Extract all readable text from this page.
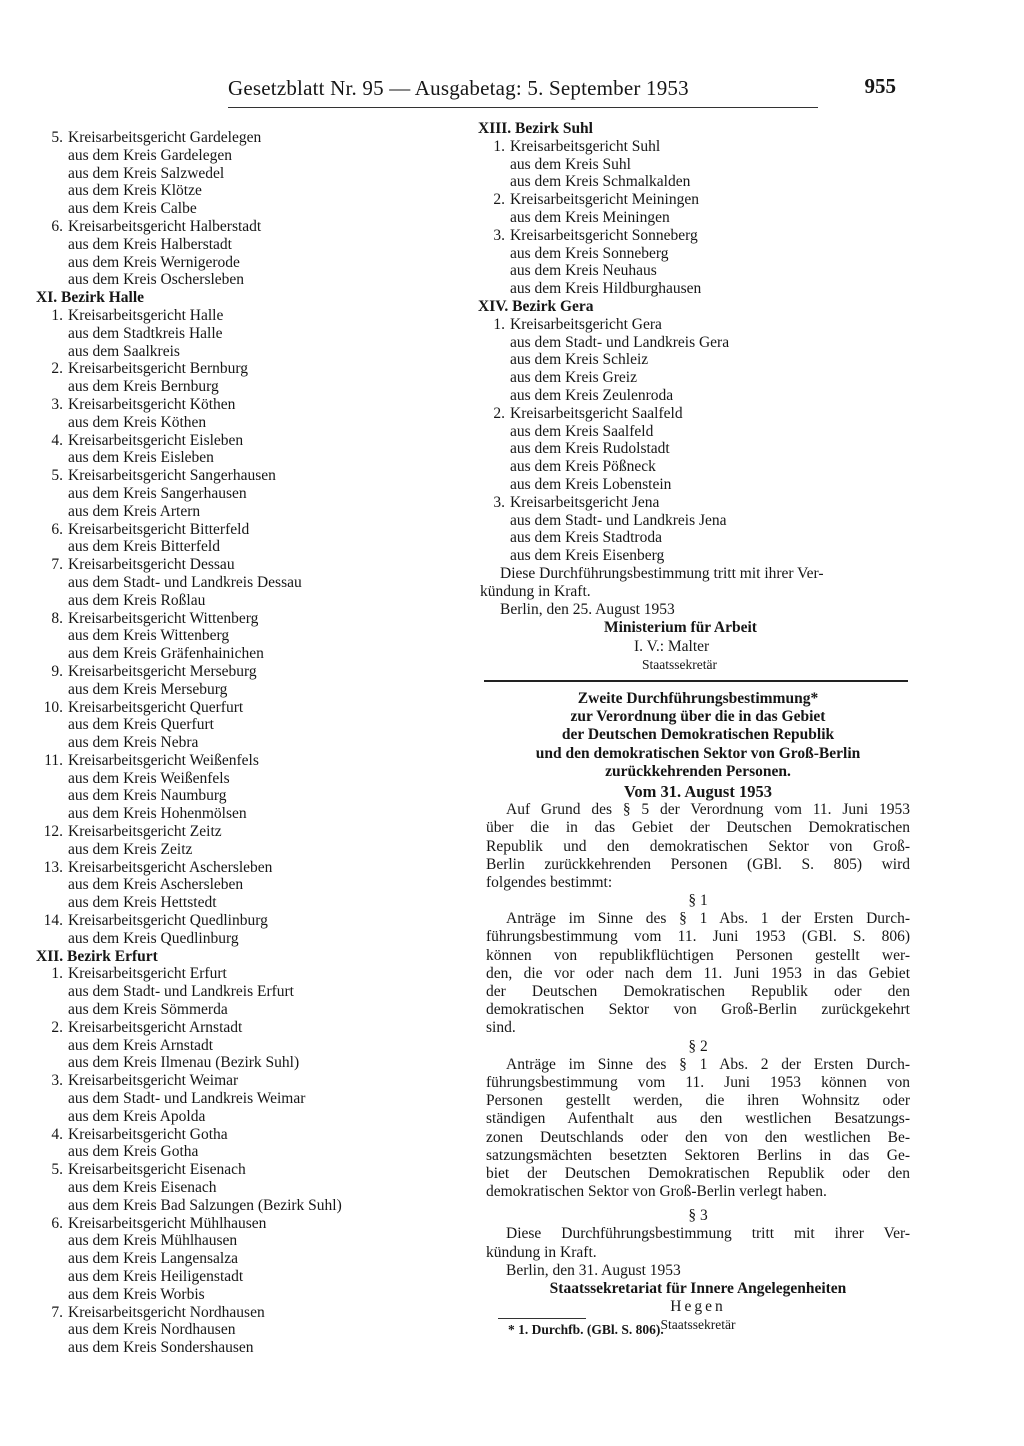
Gesetzblatt Nr. 95 — Ausgabetag: 5. September 1953	955
5. Kreisarbeitsgericht Gardelegen
aus dem Kreis Gardelegen
aus dem Kreis Salzwedel
aus dem Kreis Klötze
aus dem Kreis Calbe
6. Kreisarbeitsgericht Halberstadt
aus dem Kreis Halberstadt
aus dem Kreis Wernigerode
aus dem Kreis Oschersleben
XI. Bezirk Halle
1. Kreisarbeitsgericht Halle
aus dem Stadtkreis Halle
aus dem Saalkreis
2. Kreisarbeitsgericht Bernburg
aus dem Kreis Bernburg
3. Kreisarbeitsgericht Köthen
aus dem Kreis Köthen
4. Kreisarbeitsgericht Eisleben
aus dem Kreis Eisleben
5. Kreisarbeitsgericht Sangerhausen
aus dem Kreis Sangerhausen
aus dem Kreis Artern
6. Kreisarbeitsgericht Bitterfeld
aus dem Kreis Bitterfeld
7. Kreisarbeitsgericht Dessau
aus dem Stadt- und Landkreis Dessau
aus dem Kreis Roßlau
8. Kreisarbeitsgericht Wittenberg
aus dem Kreis Wittenberg
aus dem Kreis Gräfenhainichen
9. Kreisarbeitsgericht Merseburg
aus dem Kreis Merseburg
10. Kreisarbeitsgericht Querfurt
aus dem Kreis Querfurt
aus dem Kreis Nebra
11. Kreisarbeitsgericht Weißenfels
aus dem Kreis Weißenfels
aus dem Kreis Naumburg
aus dem Kreis Hohenmölsen
12. Kreisarbeitsgericht Zeitz
aus dem Kreis Zeitz
13. Kreisarbeitsgericht Aschersleben
aus dem Kreis Aschersleben
aus dem Kreis Hettstedt
14. Kreisarbeitsgericht Quedlinburg
aus dem Kreis Quedlinburg
XII. Bezirk Erfurt
1. Kreisarbeitsgericht Erfurt
aus dem Stadt- und Landkreis Erfurt
aus dem Kreis Sömmerda
2. Kreisarbeitsgericht Arnstadt
aus dem Kreis Arnstadt
aus dem Kreis Ilmenau (Bezirk Suhl)
3. Kreisarbeitsgericht Weimar
aus dem Stadt- und Landkreis Weimar
aus dem Kreis Apolda
4. Kreisarbeitsgericht Gotha
aus dem Kreis Gotha
5. Kreisarbeitsgericht Eisenach
aus dem Kreis Eisenach
aus dem Kreis Bad Salzungen (Bezirk Suhl)
6. Kreisarbeitsgericht Mühlhausen
aus dem Kreis Mühlhausen
aus dem Kreis Langensalza
aus dem Kreis Heiligenstadt
aus dem Kreis Worbis
7. Kreisarbeitsgericht Nordhausen
aus dem Kreis Nordhausen
aus dem Kreis Sondershausen
XIII. Bezirk Suhl
1. Kreisarbeitsgericht Suhl
aus dem Kreis Suhl
aus dem Kreis Schmalkalden
2. Kreisarbeitsgericht Meiningen
aus dem Kreis Meiningen
3. Kreisarbeitsgericht Sonneberg
aus dem Kreis Sonneberg
aus dem Kreis Neuhaus
aus dem Kreis Hildburghausen
XIV. Bezirk Gera
1. Kreisarbeitsgericht Gera
aus dem Stadt- und Landkreis Gera
aus dem Kreis Schleiz
aus dem Kreis Greiz
aus dem Kreis Zeulenroda
2. Kreisarbeitsgericht Saalfeld
aus dem Kreis Saalfeld
aus dem Kreis Rudolstadt
aus dem Kreis Pößneck
aus dem Kreis Lobenstein
3. Kreisarbeitsgericht Jena
aus dem Stadt- und Landkreis Jena
aus dem Kreis Stadtroda
aus dem Kreis Eisenberg
Diese Durchführungsbestimmung tritt mit ihrer Ver-
kündung in Kraft.
Berlin, den 25. August 1953
Ministerium für Arbeit
I. V.: Malter
Staatssekretär
Zweite Durchführungsbestimmung*
zur Verordnung über die in das Gebiet
der Deutschen Demokratischen Republik
und den demokratischen Sektor von Groß-Berlin
zurückkehrenden Personen.
Vom 31. August 1953
Auf Grund des § 5 der Verordnung vom 11. Juni 1953
über die in das Gebiet der Deutschen Demokratischen
Republik und den demokratischen Sektor von Groß-
Berlin zurückkehrenden Personen (GBl. S. 805) wird
folgendes bestimmt:
§ 1
Anträge im Sinne des § 1 Abs. 1 der Ersten Durch-
führungsbestimmung vom 11. Juni 1953 (GBl. S. 806)
können von republikflüchtigen Personen gestellt wer-
den, die vor oder nach dem 11. Juni 1953 in das Gebiet
der Deutschen Demokratischen Republik oder den
demokratischen Sektor von Groß-Berlin zurückgekehrt
sind.
§ 2
Anträge im Sinne des § 1 Abs. 2 der Ersten Durch-
führungsbestimmung vom 11. Juni 1953 können von
Personen gestellt werden, die ihren Wohnsitz oder
ständigen Aufenthalt aus den westlichen Besatzungs-
zonen Deutschlands oder den von den westlichen Be-
satzungsmächten besetzten Sektoren Berlins in das Ge-
biet der Deutschen Demokratischen Republik oder den
demokratischen Sektor von Groß-Berlin verlegt haben.
§ 3
Diese Durchführungsbestimmung tritt mit ihrer Ver-
kündung in Kraft.
Berlin, den 31. August 1953
Staatssekretariat für Innere Angelegenheiten
Hegen
Staatssekretär
* 1. Durchfb. (GBl. S. 806).
